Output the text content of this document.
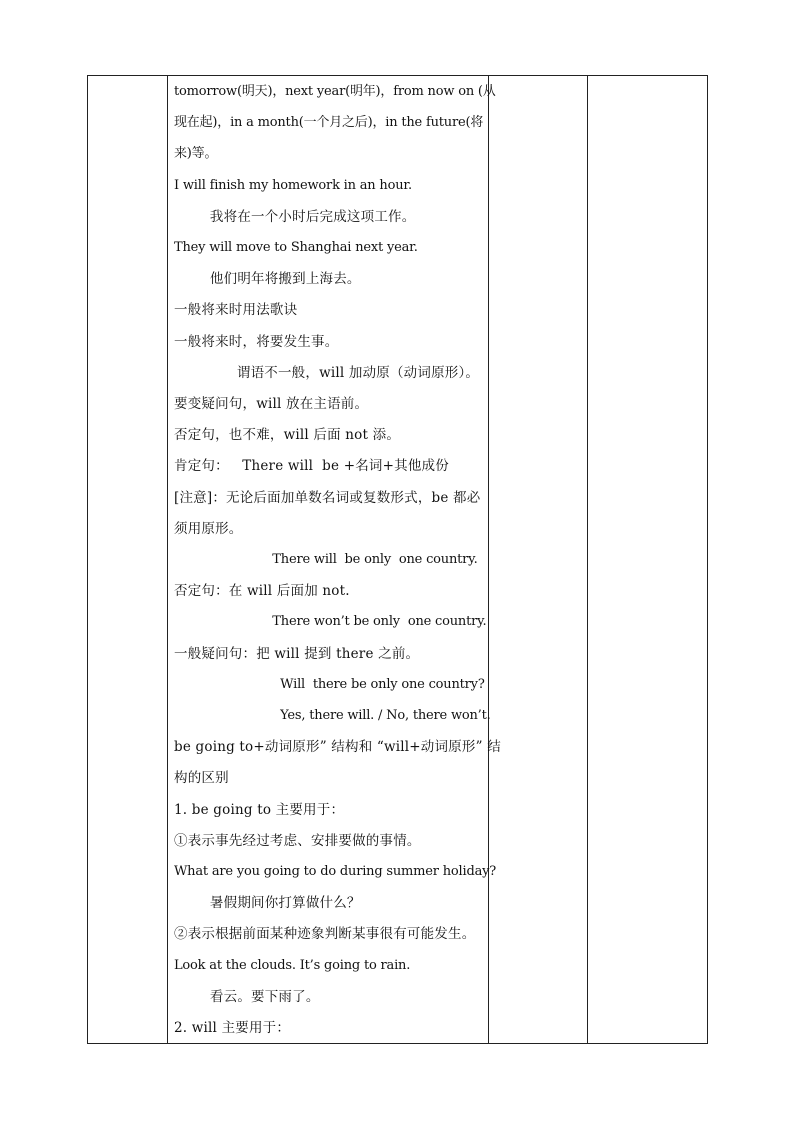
tomorrow(明天)，next year(明年)，from now on (从
现在起)，in a month(一个月之后)，in the future(将
来)等。
I will finish my homework in an hour.
我将在一个小时后完成这项工作。
They will move to Shanghai next year.
他们明年将搬到上海去。
一般将来时用法歌诀
一般将来时，将要发生事。
谓语不一般，will 加动原（动词原形）。
要变疑问句，will 放在主语前。
否定句，也不难，will 后面 not 添。
肯定句：   There will  be +名词+其他成份
[注意]：无论后面加单数名词或复数形式，be 都必
须用原形。
There will  be only  one country.
否定句：在 will 后面加 not.
There won’t be only  one country.
一般疑问句：把 will 提到 there 之前。
Will  there be only one country?
Yes, there will. / No, there won’t.
be going to+动词原形” 结构和 “will+动词原形” 结
构的区别
1. be going to 主要用于：
①表示事先经过考虑、安排要做的事情。
What are you going to do during summer holiday?
暑假期间你打算做什么？
②表示根据前面某种迹象判断某事很有可能发生。
Look at the clouds. It’s going to rain.
看云。要下雨了。
2. will 主要用于：
